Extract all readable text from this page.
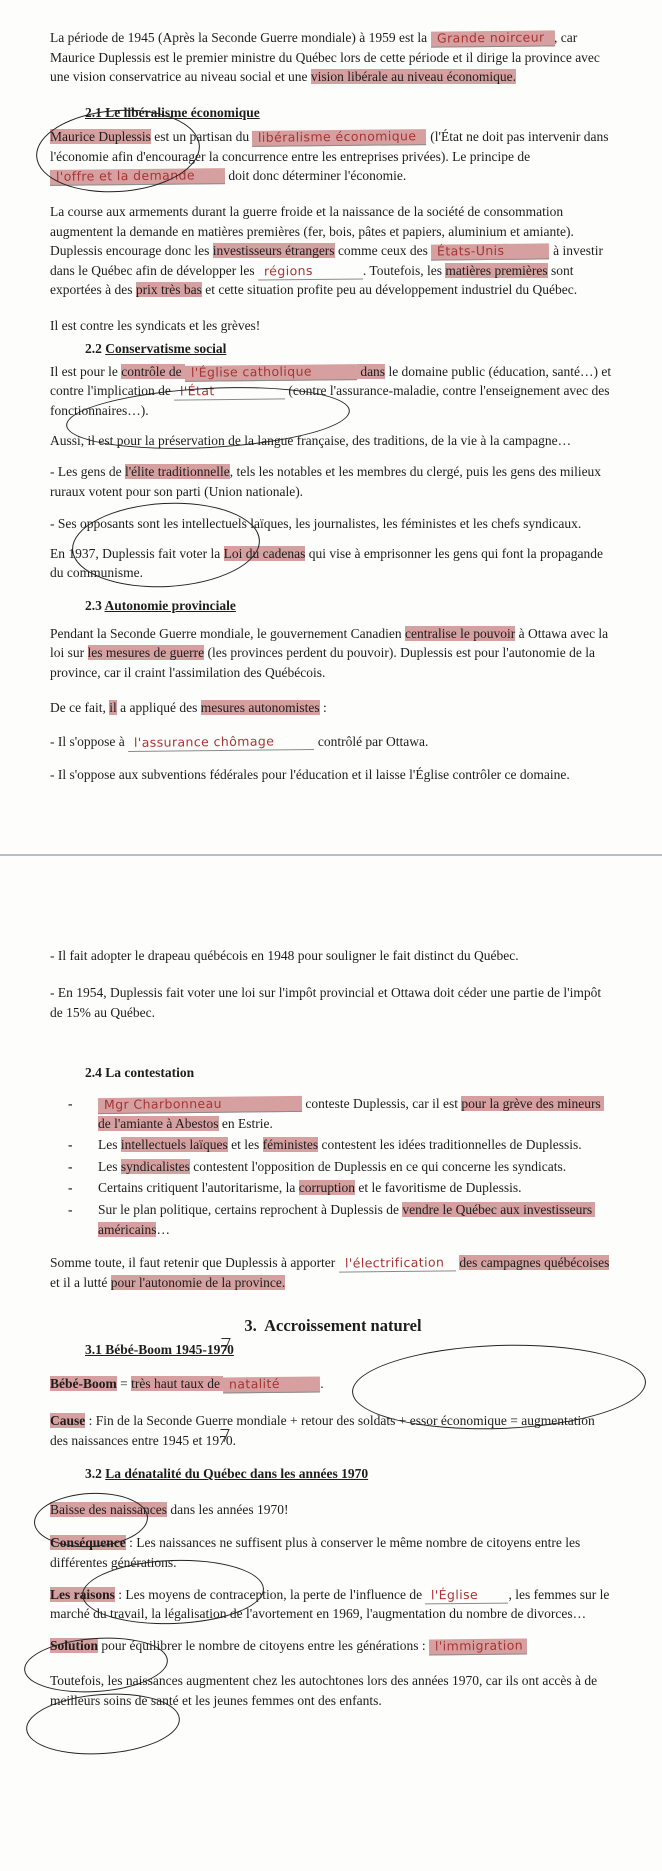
La période de 1945 (Après la Seconde Guerre mondiale) à 1959 est la Grande noirceur , car Maurice Duplessis est le premier ministre du Québec lors de cette période et il dirige la province avec une vision conservatrice au niveau social et une vision libérale au niveau économique.

2.1 Le libéralisme économique

Maurice Duplessis est un partisan du libéralisme économique (l'État ne doit pas intervenir dans l'économie afin d'encourager la concurrence entre les entreprises privées). Le principe de l'offre et la demande doit donc déterminer l'économie.

La course aux armements durant la guerre froide et la naissance de la société de consommation augmentent la demande en matières premières (fer, bois, pâtes et papiers, aluminium et amiante). Duplessis encourage donc les investisseurs étrangers comme ceux des États-Unis	à investir dans le Québec afin de développer les régions	. Toutefois, les matières premières sont exportées à des prix très bas et cette situation profite peu au développement industriel du Québec.

Il est contre les syndicats et les grèves!

2.2 Conservatisme social

Il est pour le contrôle de l'Église catholique	dans le domaine public (éducation, santé…) et contre l'implication de l'État	(contre l'assurance-maladie, contre l'enseignement avec des fonctionnaires…).

Aussi, il est pour la préservation de la langue française, des traditions, de la vie à la campagne…

- Les gens de l'élite traditionnelle, tels les notables et les membres du clergé, puis les gens des milieux ruraux votent pour son parti (Union nationale).

- Ses opposants sont les intellectuels laïques, les journalistes, les féministes et les chefs syndicaux.

En 1937, Duplessis fait voter la Loi du cadenas qui vise à emprisonner les gens qui font la propagande du communisme.

2.3 Autonomie provinciale

Pendant la Seconde Guerre mondiale, le gouvernement Canadien centralise le pouvoir à Ottawa avec la loi sur les mesures de guerre (les provinces perdent du pouvoir). Duplessis est pour l'autonomie de la province, car il craint l'assimilation des Québécois.

De ce fait, il a appliqué des mesures autonomistes :

- Il s'oppose à l'assurance chômage	contrôlé par Ottawa.

- Il s'oppose aux subventions fédérales pour l'éducation et il laisse l'Église contrôler ce domaine.

- Il fait adopter le drapeau québécois en 1948 pour souligner le fait distinct du Québec.

- En 1954, Duplessis fait voter une loi sur l'impôt provincial et Ottawa doit céder une partie de l'impôt de 15% au Québec.

2.4 La contestation
-	Mgr Charbonneau	conteste Duplessis, car il est pour la grève des mineurs de l'amiante à Abestos en Estrie.
-	Les intellectuels laïques et les féministes contestent les idées traditionnelles de Duplessis.
-	Les syndicalistes contestent l'opposition de Duplessis en ce qui concerne les syndicats.
-	Certains critiquent l'autoritarisme, la corruption et le favoritisme de Duplessis.
-	Sur le plan politique, certains reprochent à Duplessis de vendre le Québec aux investisseurs américains…

Somme toute, il faut retenir que Duplessis à apporter l'électrification des campagnes québécoises et il a lutté pour l'autonomie de la province.

3.  Accroissement naturel
3.1 Bébé-Boom 1945-1970

Bébé-Boom = très haut taux de natalité	.

Cause : Fin de la Seconde Guerre mondiale + retour des soldats + essor économique = augmentation des naissances entre 1945 et 1970.

3.2 La dénatalité du Québec dans les années 1970

Baisse des naissances dans les années 1970!

Conséquence : Les naissances ne suffisent plus à conserver le même nombre de citoyens entre les différentes générations.

Les raisons : Les moyens de contraception, la perte de l'influence de l'Église , les femmes sur le marché du travail, la légalisation de l'avortement en 1969, l'augmentation du nombre de divorces…

Solution pour équilibrer le nombre de citoyens entre les générations : l'immigration

Toutefois, les naissances augmentent chez les autochtones lors des années 1970, car ils ont accès à de meilleurs soins de santé et les jeunes femmes ont des enfants.
